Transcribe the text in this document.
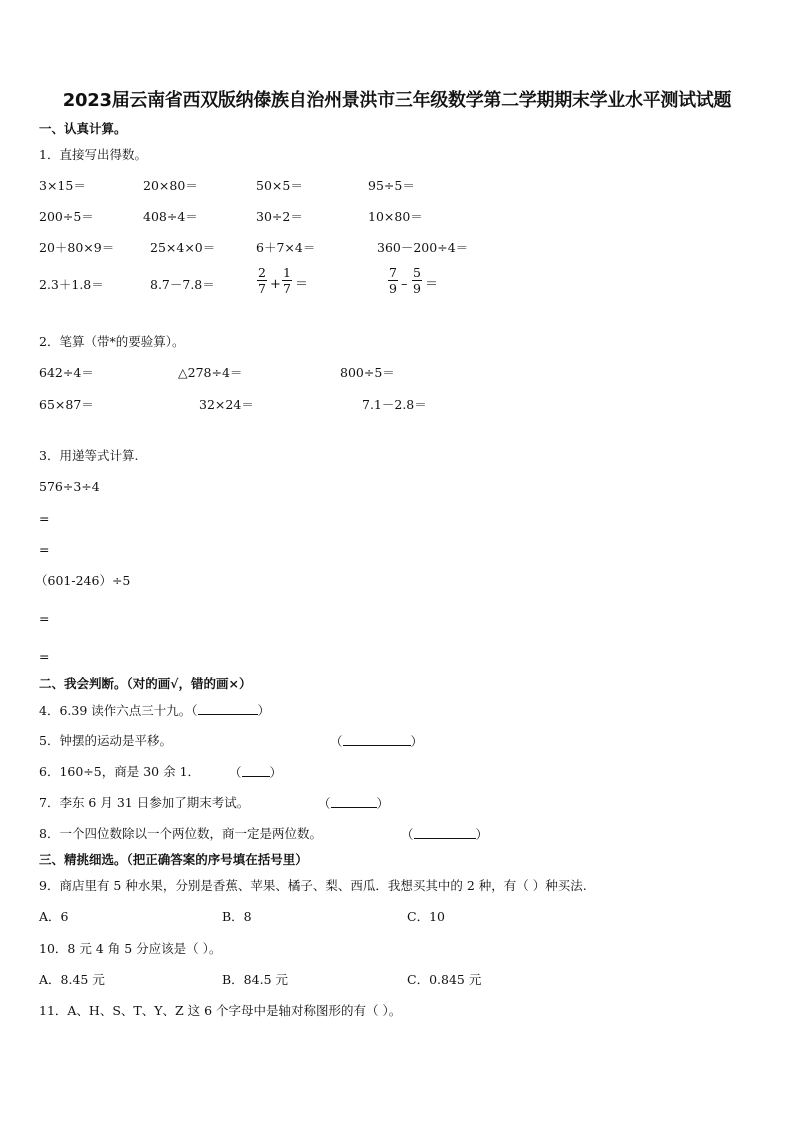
2023届云南省西双版纳傣族自治州景洪市三年级数学第二学期期末学业水平测试试题
一、认真计算。
1．直接写出得数。
3×15＝	20×80＝	50×5＝	95÷5＝
200÷5＝	408÷4＝	30÷2＝	10×80＝
20＋80×9＝	25×4×0＝	6＋7×4＝	360－200÷4＝
2.3＋1.8＝	8.7－7.8＝	$\frac{2}{7} + \frac{1}{7}$ ＝	$\frac{7}{9} - \frac{5}{9}$ ＝
2．笔算（带*的要验算）。
642÷4＝	△278÷4＝	800÷5＝
65×87＝	32×24＝	7.1－2.8＝
3．用递等式计算.
576÷3÷4
=
=
（601-246）÷5
=
=
二、我会判断。（对的画√，错的画×）
4．6.39 读作六点三十九。（	）
5．钟摆的运动是平移。	（	）
6．160÷5，商是 30 余 1． （ ）
7．李东 6 月 31 日参加了期末考试。	（	）
8．一个四位数除以一个两位数，商一定是两位数。	（	）
三、精挑细选。（把正确答案的序号填在括号里）
9．商店里有 5 种水果，分别是香蕉、苹果、橘子、梨、西瓜．我想买其中的 2 种，有（ ）种买法.
A．6	B．8	C．10
10．8 元 4 角 5 分应该是（ ）。
A．8.45 元	B．84.5 元	C．0.845 元
11．A、H、S、T、Y、Z 这 6 个字母中是轴对称图形的有（ ）。
